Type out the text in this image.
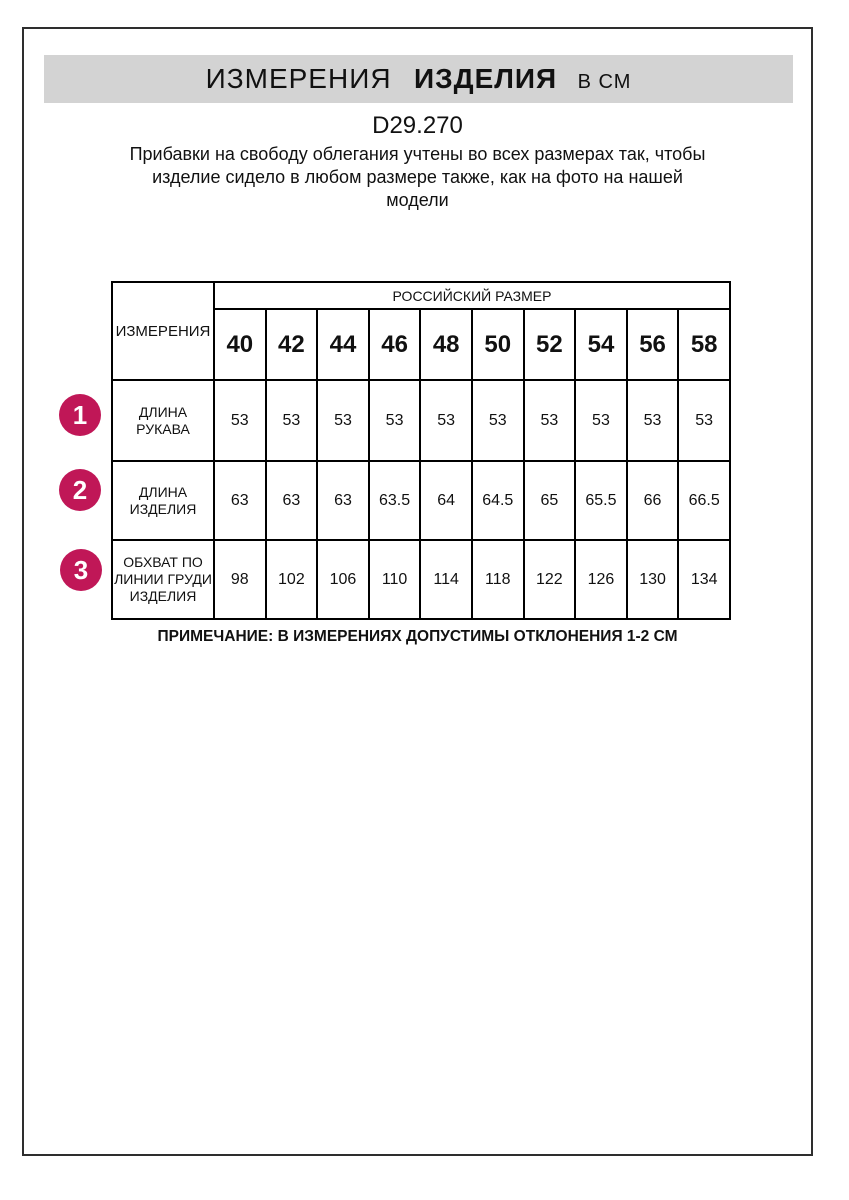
ИЗМЕРЕНИЯ ИЗДЕЛИЯ В СМ
D29.270
Прибавки на свободу облегания учтены во всех размерах так, чтобы
изделие сидело в любом размере также, как на фото на нашей
модели
ИЗМЕРЕНИЯ	РОССИЙСКИЙ РАЗМЕР									
	40	42	44	46	48	50	52	54	56	58
ДЛИНА РУКАВА	53	53	53	53	53	53	53	53	53	53
ДЛИНА ИЗДЕЛИЯ	63	63	63	63.5	64	64.5	65	65.5	66	66.5
ОБХВАТ ПО ЛИНИИ ГРУДИ ИЗДЕЛИЯ	98	102	106	110	114	118	122	126	130	134
1
2
3
ПРИМЕЧАНИЕ: В ИЗМЕРЕНИЯХ ДОПУСТИМЫ ОТКЛОНЕНИЯ 1-2 СМ
